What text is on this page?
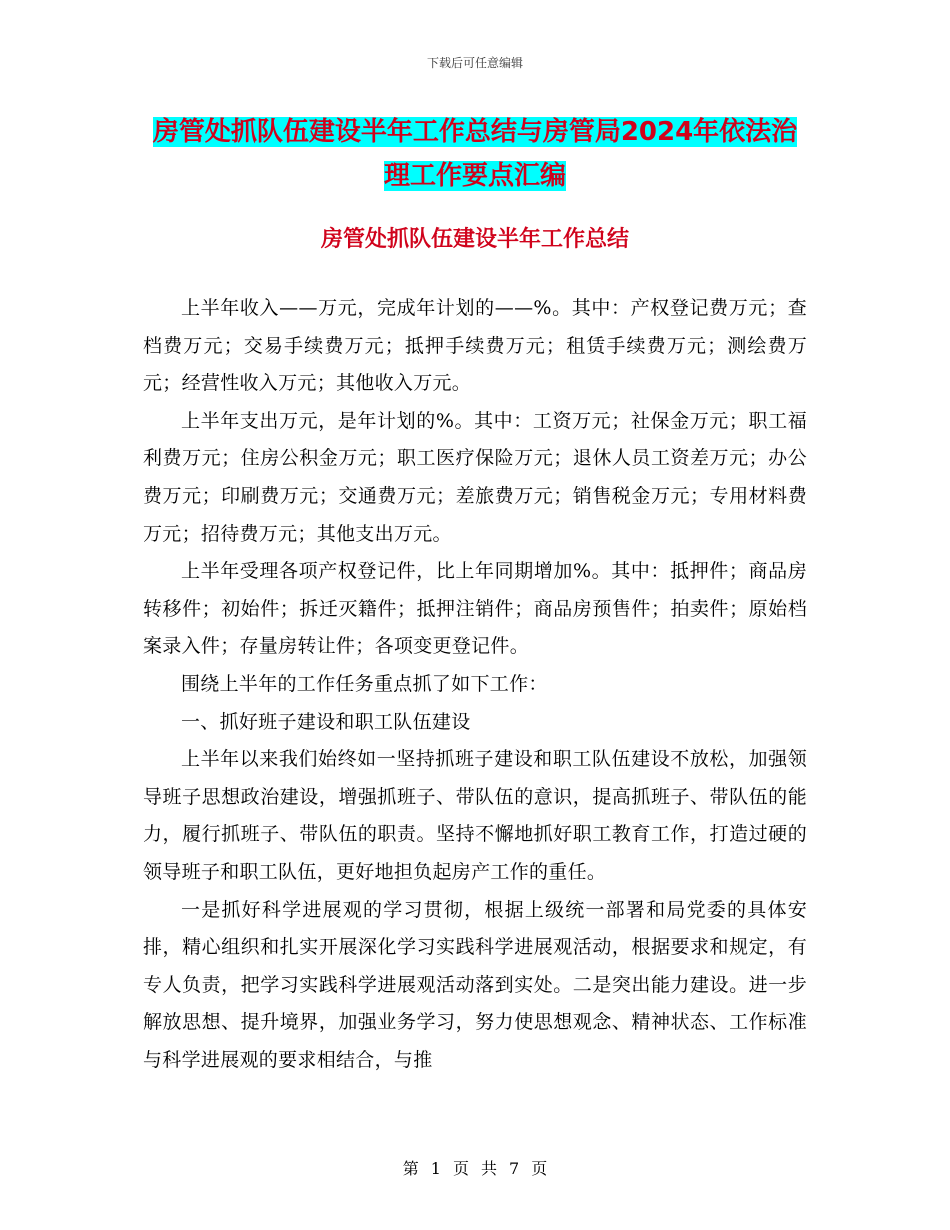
下载后可任意编辑
房管处抓队伍建设半年工作总结与房管局2024年依法治理工作要点汇编
房管处抓队伍建设半年工作总结

上半年收入——万元，完成年计划的——%。其中：产权登记费万元；查档费万元；交易手续费万元；抵押手续费万元；租赁手续费万元；测绘费万元；经营性收入万元；其他收入万元。

上半年支出万元，是年计划的%。其中：工资万元；社保金万元；职工福利费万元；住房公积金万元；职工医疗保险万元；退休人员工资差万元；办公费万元；印刷费万元；交通费万元；差旅费万元；销售税金万元；专用材料费万元；招待费万元；其他支出万元。

上半年受理各项产权登记件，比上年同期增加%。其中：抵押件；商品房转移件；初始件；拆迁灭籍件；抵押注销件；商品房预售件；拍卖件；原始档案录入件；存量房转让件；各项变更登记件。

围绕上半年的工作任务重点抓了如下工作：

一、抓好班子建设和职工队伍建设

上半年以来我们始终如一坚持抓班子建设和职工队伍建设不放松，加强领导班子思想政治建设，增强抓班子、带队伍的意识，提高抓班子、带队伍的能力，履行抓班子、带队伍的职责。坚持不懈地抓好职工教育工作，打造过硬的领导班子和职工队伍，更好地担负起房产工作的重任。

一是抓好科学进展观的学习贯彻，根据上级统一部署和局党委的具体安排，精心组织和扎实开展深化学习实践科学进展观活动，根据要求和规定，有专人负责，把学习实践科学进展观活动落到实处。二是突出能力建设。进一步解放思想、提升境界，加强业务学习，努力使思想观念、精神状态、工作标准与科学进展观的要求相结合，与推

第 1 页 共 7 页
